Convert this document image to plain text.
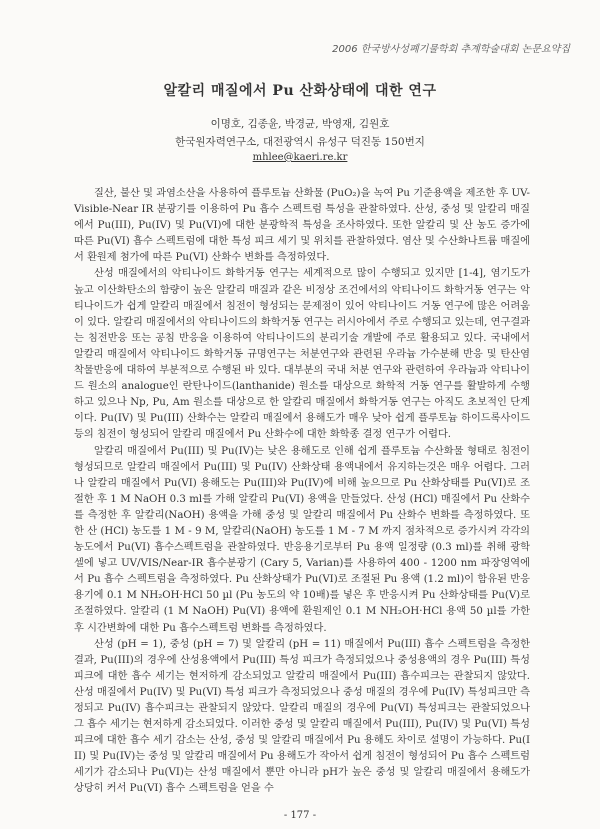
2006 한국방사성폐기물학회 추계학술대회 논문요약집
알칼리 매질에서 Pu 산화상태에 대한 연구
이명호, 김종윤, 박경균, 박영재, 김원호
한국원자력연구소, 대전광역시 유성구 덕진동 150번지
mhlee@kaeri.re.kr

질산, 불산 및 과염소산을 사용하여 플루토늄 산화물 (PuO₂)을 녹여 Pu 기준용액을 제조한 후 UV-Visible-Near IR 분광기를 이용하여 Pu 흡수 스펙트럼 특성을 관찰하였다. 산성, 중성 및 알칼리 매질에서 Pu(III), Pu(IV) 및 Pu(VI)에 대한 분광학적 특성을 조사하였다. 또한 알칼리 및 산 농도 증가에 따른 Pu(VI) 흡수 스펙트럼에 대한 특성 피크 세기 및 위치를 관찰하였다. 염산 및 수산화나트륨 매질에서 환원제 첨가에 따른 Pu(VI) 산화수 변화를 측정하였다.

산성 매질에서의 악티나이드 화학거동 연구는 세계적으로 많이 수행되고 있지만 [1-4], 염기도가 높고 이산화탄소의 함량이 높은 알칼리 매질과 같은 비정상 조건에서의 악티나이드 화학거동 연구는 악티나이드가 쉽게 알칼리 매질에서 침전이 형성되는 문제점이 있어 악티나이드 거동 연구에 많은 어려움이 있다. 알칼리 매질에서의 악티나이드의 화학거동 연구는 러시아에서 주로 수행되고 있는데, 연구결과는 침전반응 또는 공침 반응을 이용하여 악티나이드의 분리기술 개발에 주로 활용되고 있다. 국내에서 알칼리 매질에서 악티나이드 화학거동 규명연구는 처분연구와 관련된 우라늄 가수분해 반응 및 탄산염 착물반응에 대하여 부분적으로 수행된 바 있다. 대부분의 국내 처분 연구와 관련하여 우라늄과 악티나이드 원소의 analogue인 란탄나이드(lanthanide) 원소를 대상으로 화학적 거동 연구를 활발하게 수행하고 있으나 Np, Pu, Am 원소를 대상으로 한 알칼리 매질에서 화학거동 연구는 아직도 초보적인 단계이다. Pu(IV) 및 Pu(III) 산화수는 알칼리 매질에서 용해도가 매우 낮아 쉽게 플루토늄 하이드록사이드등의 침전이 형성되어 알칼리 매질에서 Pu 산화수에 대한 화학종 결정 연구가 어렵다.

알칼리 매질에서 Pu(III) 및 Pu(IV)는 낮은 용해도로 인해 쉽게 플루토늄 수산화물 형태로 침전이 형성되므로 알칼리 매질에서 Pu(III) 및 Pu(IV) 산화상태 용액내에서 유지하는것은 매우 어렵다. 그러나 알칼리 매질에서 Pu(VI) 용해도는 Pu(III)와 Pu(IV)에 비해 높으므로 Pu 산화상태를 Pu(VI)로 조절한 후 1 M NaOH 0.3 ml를 가해 알칼리 Pu(VI) 용액을 만들었다. 산성 (HCl) 매질에서 Pu 산화수를 측정한 후 알칼리(NaOH) 용액을 가해 중성 및 알칼리 매질에서 Pu 산화수 변화를 측정하였다. 또한 산 (HCl) 농도를 1 M - 9 M, 알칼리(NaOH) 농도를 1 M - 7 M 까지 점차적으로 증가시켜 각각의 농도에서 Pu(VI) 흡수스펙트럼을 관찰하였다. 반응용기로부터 Pu 용액 일정량 (0.3 ml)를 취해 광학셀에 넣고 UV/VIS/Near-IR 흡수분광기 (Cary 5, Varian)를 사용하여 400 - 1200 nm 파장영역에서 Pu 흡수 스펙트럼을 측정하였다. Pu 산화상태가 Pu(VI)로 조절된 Pu 용액 (1.2 ml)이 함유된 반응용기에 0.1 M NH₂OH·HCl 50 µl (Pu 농도의 약 10배)를 넣은 후 반응시켜 Pu 산화상태를 Pu(V)로 조절하였다. 알칼리 (1 M NaOH) Pu(VI) 용액에 환원제인 0.1 M NH₂OH·HCl 용액 50 µl를 가한 후 시간변화에 대한 Pu 흡수스펙트럼 변화를 측정하였다.

산성 (pH = 1), 중성 (pH = 7) 및 알칼리 (pH = 11) 매질에서 Pu(III) 흡수 스펙트럼을 측정한 결과, Pu(III)의 경우에 산성용액에서 Pu(III) 특성 피크가 측정되었으나 중성용액의 경우 Pu(III) 특성피크에 대한 흡수 세기는 현저하게 감소되었고 알칼리 매질에서 Pu(III) 흡수피크는 관찰되지 않았다. 산성 매질에서 Pu(IV) 및 Pu(VI) 특성 피크가 측정되었으나 중성 매질의 경우에 Pu(IV) 특성피크만 측정되고 Pu(IV) 흡수피크는 관찰되지 않았다. 알칼리 매질의 경우에 Pu(VI) 특성피크는 관찰되었으나 그 흡수 세기는 현저하게 감소되었다. 이러한 중성 및 알칼리 매질에서 Pu(III), Pu(IV) 및 Pu(VI) 특성피크에 대한 흡수 세기 감소는 산성, 중성 및 알칼리 매질에서 Pu 용해도 차이로 설명이 가능하다. Pu(III) 및 Pu(IV)는 중성 및 알칼리 매질에서 Pu 용해도가 작아서 쉽게 침전이 형성되어 Pu 흡수 스펙트럼 세기가 감소되나 Pu(VI)는 산성 매질에서 뿐만 아니라 pH가 높은 중성 및 알칼리 매질에서 용해도가 상당히 커서 Pu(VI) 흡수 스펙트럼을 얻을 수

- 177 -
